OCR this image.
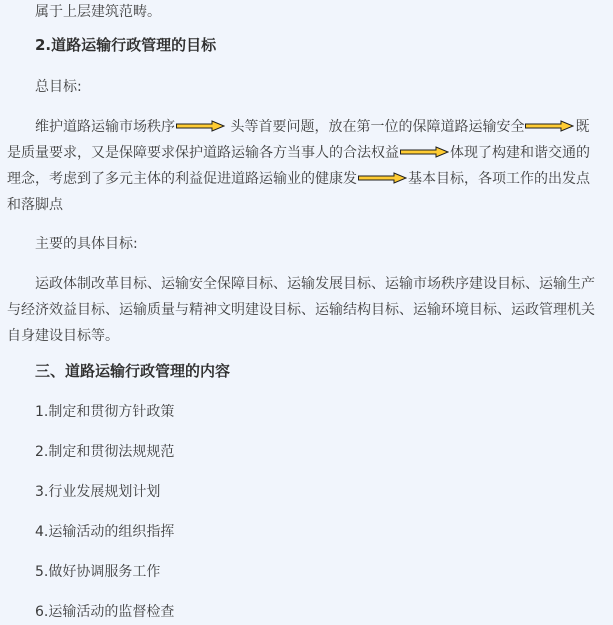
属于上层建筑范畴。
2.道路运输行政管理的目标
总目标:
维护道路运输市场秩序	头等首要问题，放在第一位的保障道路运输安全	既
是质量要求，又是保障要求保护道路运输各方当事人的合法权益	体现了构建和谐交通的
理念，考虑到了多元主体的利益促进道路运输业的健康发	基本目标，各项工作的出发点
和落脚点
主要的具体目标:
运政体制改革目标、运输安全保障目标、运输发展目标、运输市场秩序建设目标、运输生产
与经济效益目标、运输质量与精神文明建设目标、运输结构目标、运输环境目标、运政管理机关
自身建设目标等。
三、道路运输行政管理的内容
1.制定和贯彻方针政策
2.制定和贯彻法规规范
3.行业发展规划计划
4.运输活动的组织指挥
5.做好协调服务工作
6.运输活动的监督检查
